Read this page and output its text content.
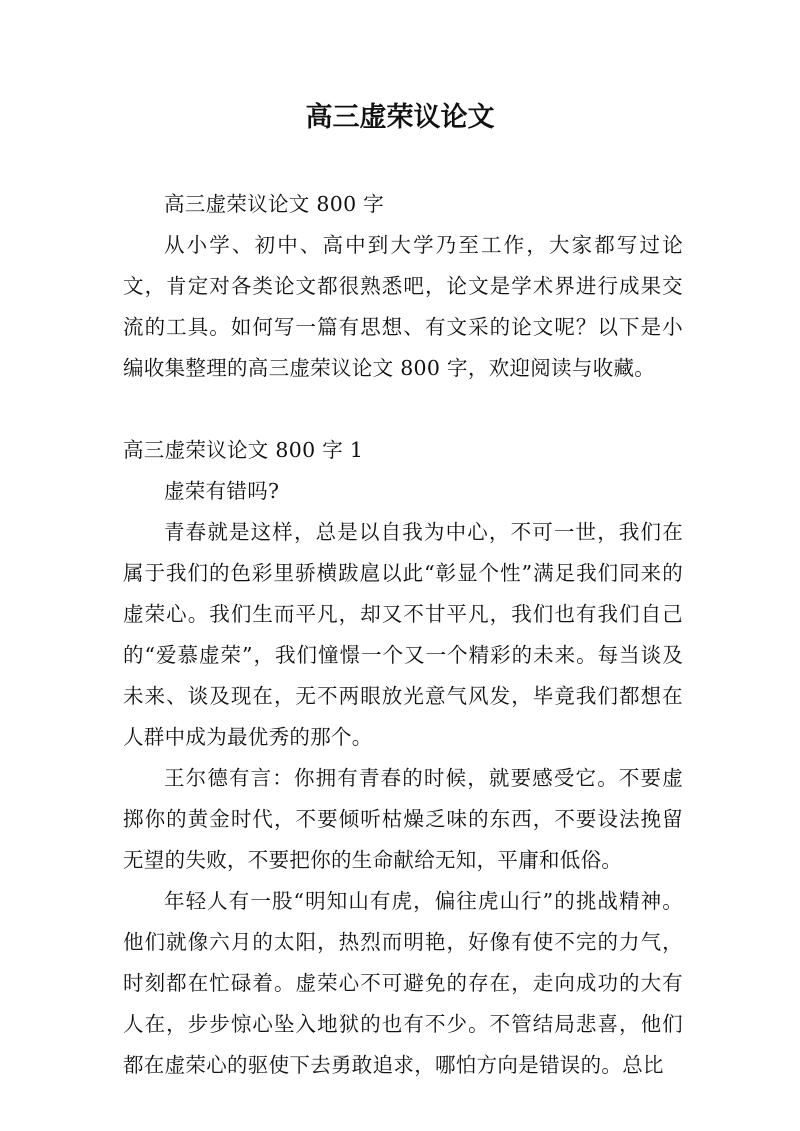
高三虚荣议论文

高三虚荣议论文 800 字

从小学、初中、高中到大学乃至工作，大家都写过论文，肯定对各类论文都很熟悉吧，论文是学术界进行成果交流的工具。如何写一篇有思想、有文采的论文呢？以下是小编收集整理的高三虚荣议论文 800 字，欢迎阅读与收藏。

高三虚荣议论文 800 字 1

虚荣有错吗?

青春就是这样，总是以自我为中心，不可一世，我们在属于我们的色彩里骄横跋扈以此“彰显个性”满足我们同来的虚荣心。我们生而平凡，却又不甘平凡，我们也有我们自己的“爱慕虚荣”，我们憧憬一个又一个精彩的未来。每当谈及未来、谈及现在，无不两眼放光意气风发，毕竟我们都想在人群中成为最优秀的那个。

王尔德有言：你拥有青春的时候，就要感受它。不要虚掷你的黄金时代，不要倾听枯燥乏味的东西，不要设法挽留无望的失败，不要把你的生命献给无知，平庸和低俗。

年轻人有一股“明知山有虎，偏往虎山行”的挑战精神。他们就像六月的太阳，热烈而明艳，好像有使不完的力气，时刻都在忙碌着。虚荣心不可避免的存在，走向成功的大有人在，步步惊心坠入地狱的也有不少。不管结局悲喜，他们都在虚荣心的驱使下去勇敢追求，哪怕方向是错误的。总比
